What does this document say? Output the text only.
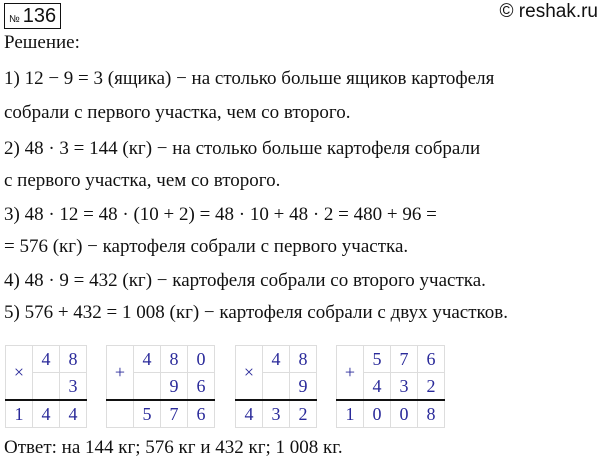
№ 136	© reshak.ru
Решение:
1) 12 − 9 = 3 (ящика) − на столько больше ящиков картофеля
собрали с первого участка, чем со второго.
2) 48 · 3 = 144 (кг) − на столько больше картофеля собрали
с первого участка, чем со второго.
3) 48 · 12 = 48 · (10 + 2) = 48 · 10 + 48 · 2 = 480 + 96 =
= 576 (кг) − картофеля собрали с первого участка.
4) 48 · 9 = 432 (кг) − картофеля собрали со второго участка.
5) 576 + 432 = 1 008 (кг) − картофеля собрали с двух участков.
×	4	8
		3
1	4	4
+	4	8	0
		9	6
	5	7	6
×	4	8
		9
4	3	2
+	5	7	6
	4	3	2
1	0	0	8
Ответ: на 144 кг; 576 кг и 432 кг; 1 008 кг.
